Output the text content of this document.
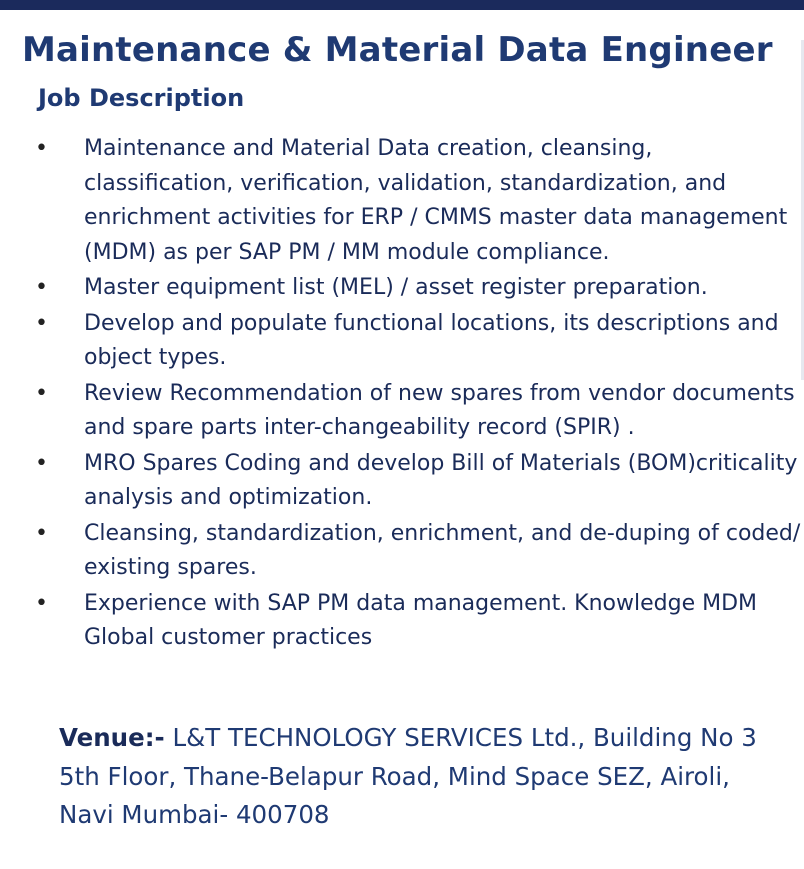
Maintenance & Material Data Engineer
Job Description
• Maintenance and Material Data creation, cleansing, classification, verification, validation, standardization, and enrichment activities for ERP / CMMS master data management (MDM) as per SAP PM / MM module compliance.
• Master equipment list (MEL) / asset register preparation.
• Develop and populate functional locations, its descriptions and object types.
• Review Recommendation of new spares from vendor documents and spare parts inter-changeability record (SPIR) .
• MRO Spares Coding and develop Bill of Materials (BOM)criticality analysis and optimization.
• Cleansing, standardization, enrichment, and de-duping of coded/ existing spares.
• Experience with SAP PM data management. Knowledge MDM Global customer practices
Venue:- L&T TECHNOLOGY SERVICES Ltd., Building No 3
5th Floor, Thane-Belapur Road, Mind Space SEZ, Airoli,
Navi Mumbai- 400708
